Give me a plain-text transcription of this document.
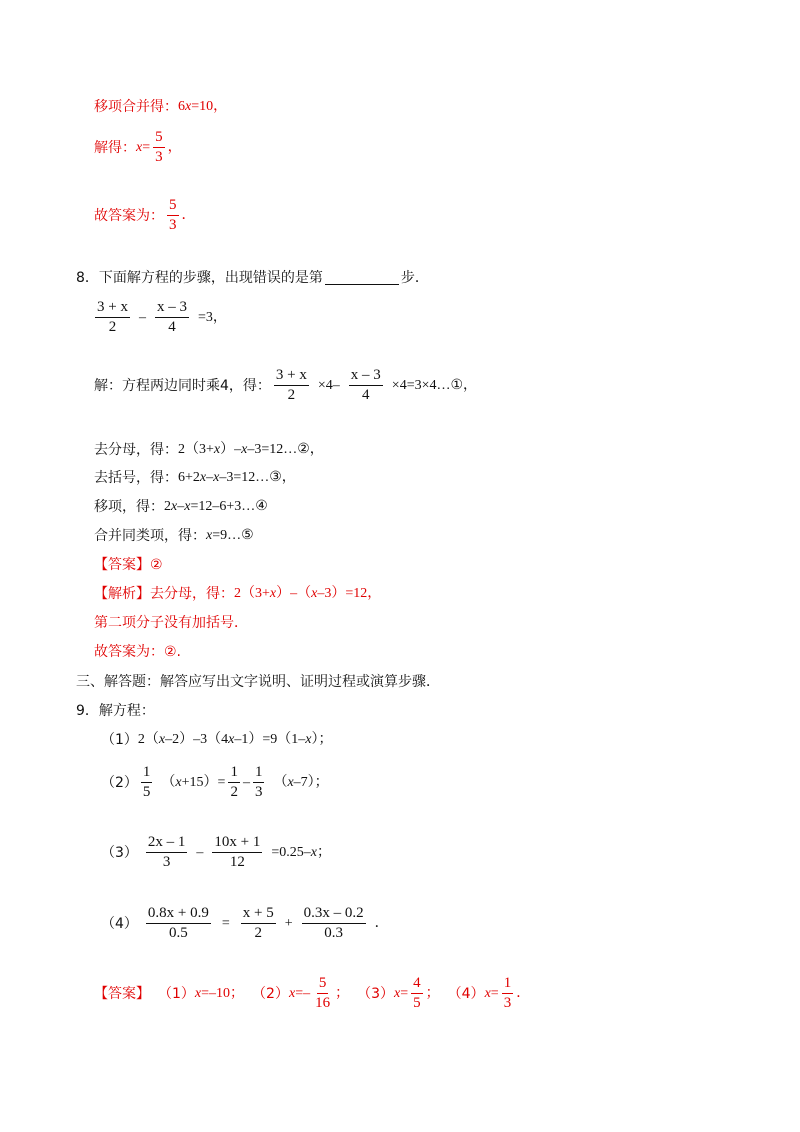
移项合并得： 6 x =10，
解得： $x = \frac{5}{3}$ ，
故答案为： $\frac{5}{3}$ ．
8．下面解方程的步骤，出现错误的是第	步．
$\frac{3 + x}{2} - \frac{x - 3}{4} =3$，
解：方程两边同时乘4，得： $\frac{3 + x}{2} \times 4- \frac{x - 3}{4}$ ×4=3×4…①，
去分母，得： 2（3+ x ）– x –3=12…②，
去括号，得： 6+2 x – x –3=12…③，
移项，得： 2 x – x =12–6+3…④
合并同类项，得： x =9…⑤
【答案】②
【解析】去分母，得： 2（3+ x ）–（ x –3）=12，
第二项分子没有加括号．
故答案为：②.
三、解答题：解答应写出文字说明、证明过程或演算步骤．
9．解方程：
（1） 2（ x –2）–3（4 x –1）=9（1– x ）；
$(2) \frac{1}{5}$ （ $x +15)= \frac{1}{2} - \frac{1}{3}$ （ x –7）；
$(3) \frac{2x - 1}{3} - \frac{10x + 1}{12} =0.25-$ x ；
$(4) \frac{0.8x + 0.9}{0.5} = \frac{x + 5}{2} + \frac{0.3x - 0.2}{0.3}$ ．
【答案】 （1） x =–10； （2） $x =- \frac{5}{16}$ ； （3） $x = \frac{4}{5}$ ； （4） $x = \frac{1}{3}$ ．
